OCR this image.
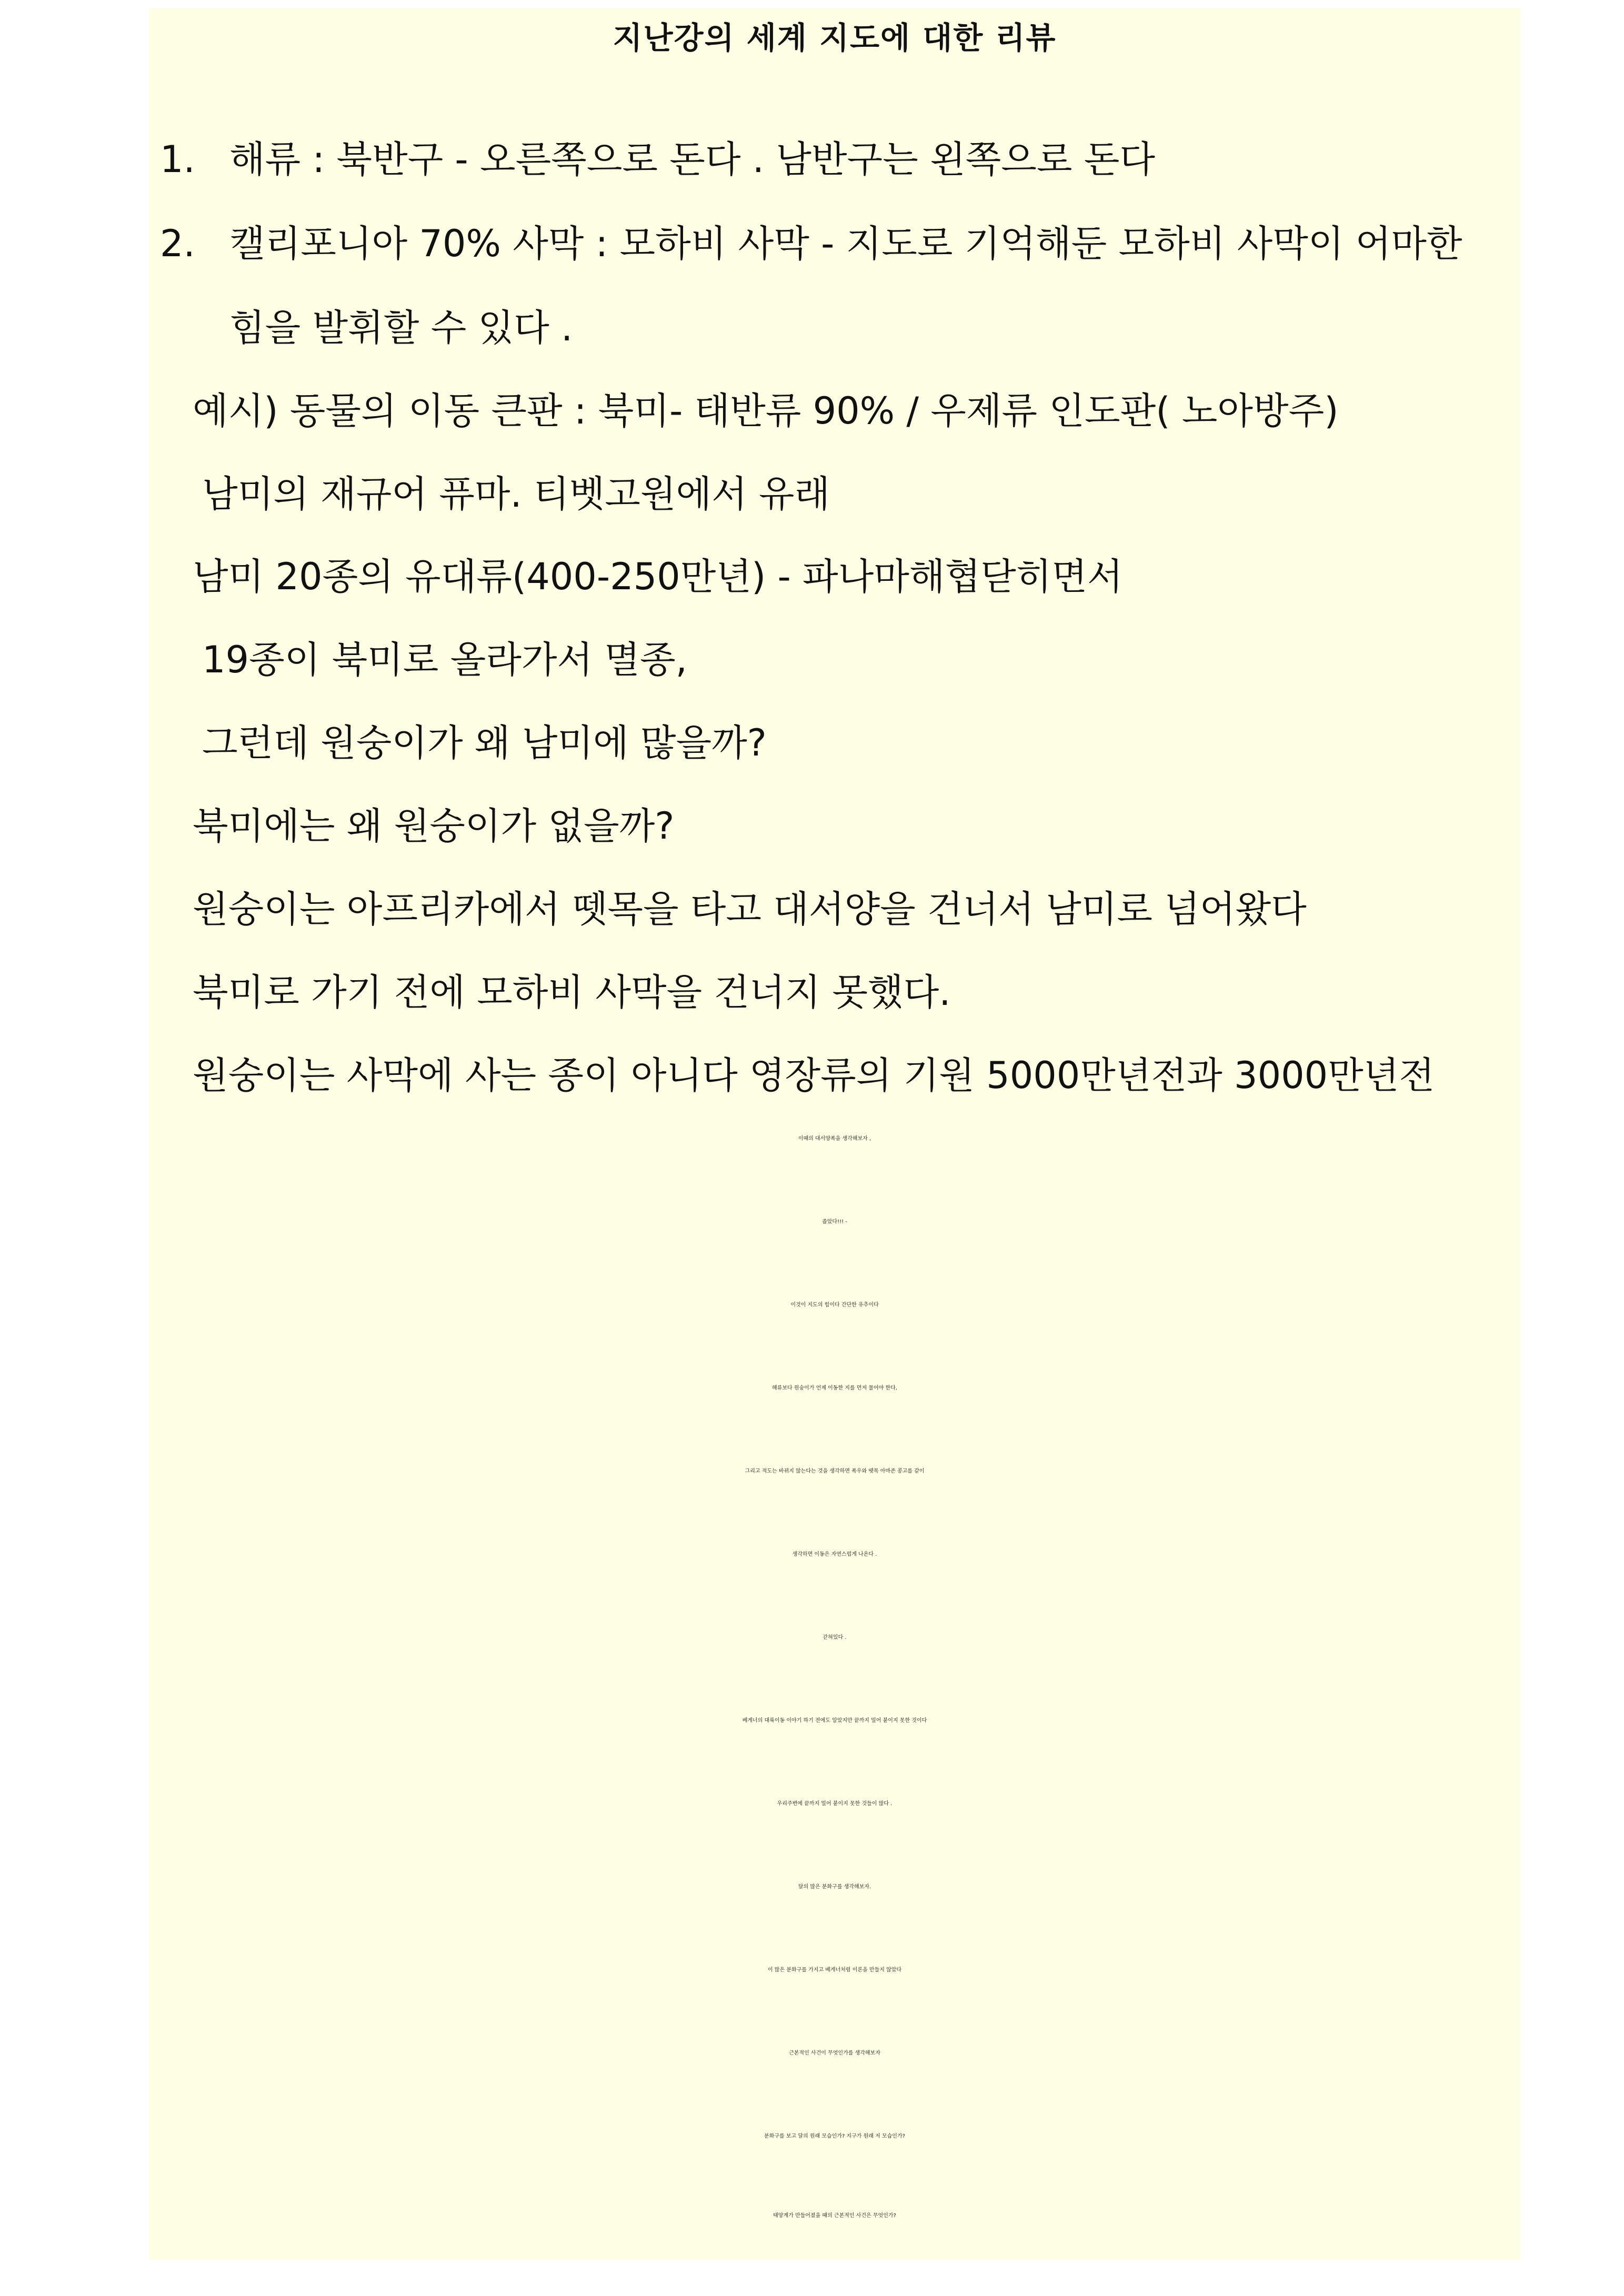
지난강의 세계 지도에 대한 리뷰
1. 해류 : 북반구 - 오른쪽으로 돈다 . 남반구는 왼쪽으로 돈다
2. 캘리포니아 70% 사막 : 모하비 사막 - 지도로 기억해둔 모하비 사막이 어마한
힘을 발휘할 수 있다 .
예시) 동물의 이동 큰판 : 북미- 태반류 90% / 우제류 인도판( 노아방주)
남미의 재규어 퓨마. 티벳고원에서 유래
남미 20종의 유대류(400-250만년) - 파나마해협닫히면서
19종이 북미로 올라가서 멸종,
그런데 원숭이가 왜 남미에 많을까?
북미에는 왜 원숭이가 없을까?
원숭이는 아프리카에서 뗏목을 타고 대서양을 건너서 남미로 넘어왔다
북미로 가기 전에 모하비 사막을 건너지 못했다.
원숭이는 사막에 사는 종이 아니다 영장류의 기원 5000만년전과 3000만년전
이때의 대서양폭을 생각해보자 ,
좁았다!!! -
이것이 지도의 힘이다 간단한 유추이다
해류보다 원숭이가 언제 이동한 지를 먼저 물어야 한다,
그리고 적도는 바뀌지 않는다는 것을 생각하면 폭우와 뗏목 아마존 콩고를 같이
생각하면 이동은 자연스럽게 나온다 .
갇혀있다 .
베게너의 대륙이동 이야기 하기 전에도 알았지만 끝까지 밀어 붙이지 못한 것이다
우리주변에 끝까지 밀어 붙이지 못한 것들이 많다 .
달의 많은 분화구를 생각해보자.
이 많은 분화구를 가지고 베게너처럼 이론을 만들지 않았다
근본적인 사건이 무엇인가를 생각해보자
분화구를 보고 달의 원래 모습인가? 지구가 원래 저 모습인가?
태양계가 만들어졌을 때의 근본적인 사건은 무엇인가?
